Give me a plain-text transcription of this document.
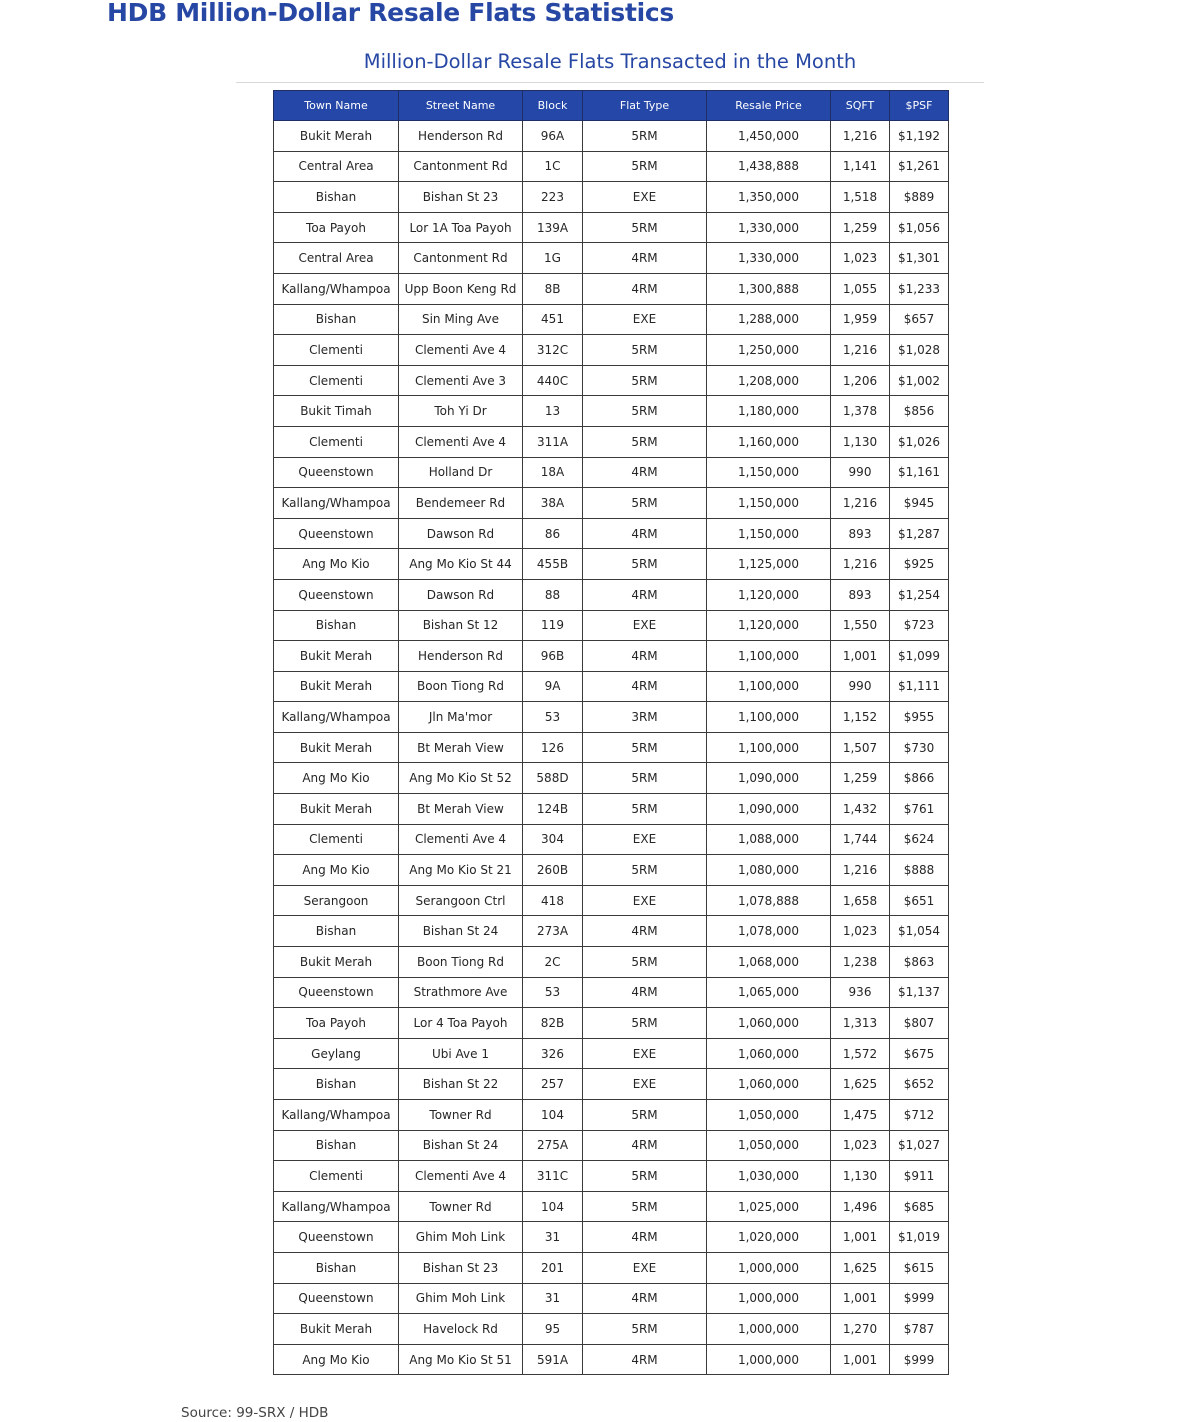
HDB Million-Dollar Resale Flats Statistics
Million-Dollar Resale Flats Transacted in the Month
Town Name	Street Name	Block	Flat Type	Resale Price	SQFT	$PSF
Bukit Merah	Henderson Rd	96A	5RM	1,450,000	1,216	$1,192
Central Area	Cantonment Rd	1C	5RM	1,438,888	1,141	$1,261
Bishan	Bishan St 23	223	EXE	1,350,000	1,518	$889
Toa Payoh	Lor 1A Toa Payoh	139A	5RM	1,330,000	1,259	$1,056
Central Area	Cantonment Rd	1G	4RM	1,330,000	1,023	$1,301
Kallang/Whampoa	Upp Boon Keng Rd	8B	4RM	1,300,888	1,055	$1,233
Bishan	Sin Ming Ave	451	EXE	1,288,000	1,959	$657
Clementi	Clementi Ave 4	312C	5RM	1,250,000	1,216	$1,028
Clementi	Clementi Ave 3	440C	5RM	1,208,000	1,206	$1,002
Bukit Timah	Toh Yi Dr	13	5RM	1,180,000	1,378	$856
Clementi	Clementi Ave 4	311A	5RM	1,160,000	1,130	$1,026
Queenstown	Holland Dr	18A	4RM	1,150,000	990	$1,161
Kallang/Whampoa	Bendemeer Rd	38A	5RM	1,150,000	1,216	$945
Queenstown	Dawson Rd	86	4RM	1,150,000	893	$1,287
Ang Mo Kio	Ang Mo Kio St 44	455B	5RM	1,125,000	1,216	$925
Queenstown	Dawson Rd	88	4RM	1,120,000	893	$1,254
Bishan	Bishan St 12	119	EXE	1,120,000	1,550	$723
Bukit Merah	Henderson Rd	96B	4RM	1,100,000	1,001	$1,099
Bukit Merah	Boon Tiong Rd	9A	4RM	1,100,000	990	$1,111
Kallang/Whampoa	Jln Ma'mor	53	3RM	1,100,000	1,152	$955
Bukit Merah	Bt Merah View	126	5RM	1,100,000	1,507	$730
Ang Mo Kio	Ang Mo Kio St 52	588D	5RM	1,090,000	1,259	$866
Bukit Merah	Bt Merah View	124B	5RM	1,090,000	1,432	$761
Clementi	Clementi Ave 4	304	EXE	1,088,000	1,744	$624
Ang Mo Kio	Ang Mo Kio St 21	260B	5RM	1,080,000	1,216	$888
Serangoon	Serangoon Ctrl	418	EXE	1,078,888	1,658	$651
Bishan	Bishan St 24	273A	4RM	1,078,000	1,023	$1,054
Bukit Merah	Boon Tiong Rd	2C	5RM	1,068,000	1,238	$863
Queenstown	Strathmore Ave	53	4RM	1,065,000	936	$1,137
Toa Payoh	Lor 4 Toa Payoh	82B	5RM	1,060,000	1,313	$807
Geylang	Ubi Ave 1	326	EXE	1,060,000	1,572	$675
Bishan	Bishan St 22	257	EXE	1,060,000	1,625	$652
Kallang/Whampoa	Towner Rd	104	5RM	1,050,000	1,475	$712
Bishan	Bishan St 24	275A	4RM	1,050,000	1,023	$1,027
Clementi	Clementi Ave 4	311C	5RM	1,030,000	1,130	$911
Kallang/Whampoa	Towner Rd	104	5RM	1,025,000	1,496	$685
Queenstown	Ghim Moh Link	31	4RM	1,020,000	1,001	$1,019
Bishan	Bishan St 23	201	EXE	1,000,000	1,625	$615
Queenstown	Ghim Moh Link	31	4RM	1,000,000	1,001	$999
Bukit Merah	Havelock Rd	95	5RM	1,000,000	1,270	$787
Ang Mo Kio	Ang Mo Kio St 51	591A	4RM	1,000,000	1,001	$999
Source: 99-SRX / HDB
